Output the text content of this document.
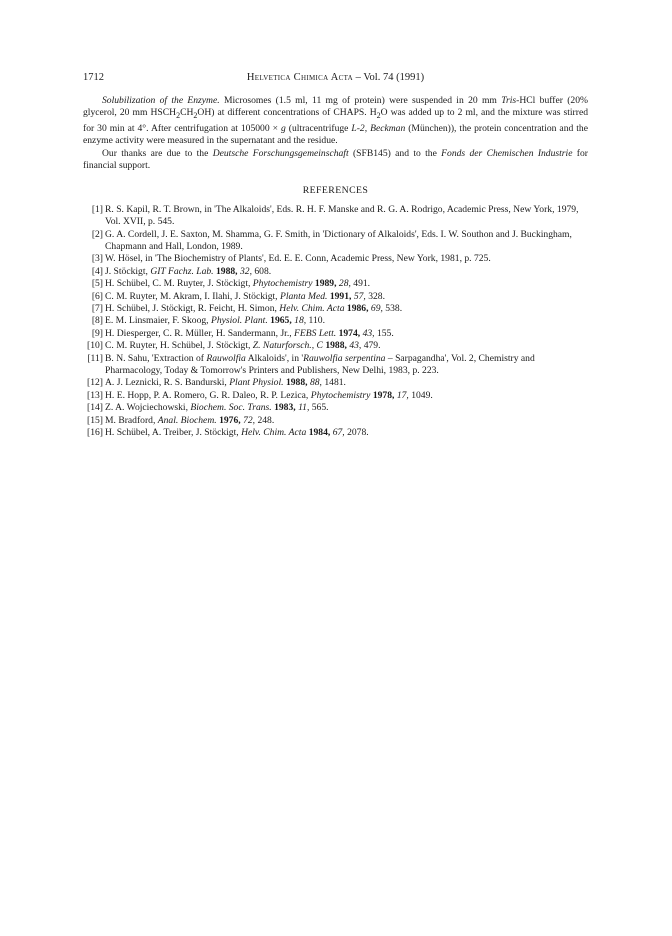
1712	Helvetica Chimica Acta – Vol. 74 (1991)

Solubilization of the Enzyme. Microsomes (1.5 ml, 11 mg of protein) were suspended in 20 mm Tris-HCl buffer (20% glycerol, 20 mm $HSCH_2CH_2OH$) at different concentrations of CHAPS. $H_2O$ was added up to 2 ml, and the mixture was stirred for 30 min at 4°. After centrifugation at 105000 × g (ultracentrifuge L-2, Beckman (München)), the protein concentration and the enzyme activity were measured in the supernatant and the residue.

Our thanks are due to the Deutsche Forschungsgemeinschaft (SFB145) and to the Fonds der Chemischen Industrie for financial support.

REFERENCES
[1] R. S. Kapil, R. T. Brown, in 'The Alkaloids', Eds. R. H. F. Manske and R. G. A. Rodrigo, Academic Press, New York, 1979, Vol. XVII, p. 545.
[2] G. A. Cordell, J. E. Saxton, M. Shamma, G. F. Smith, in 'Dictionary of Alkaloids', Eds. I. W. Southon and J. Buckingham, Chapmann and Hall, London, 1989.
[3] W. Hösel, in 'The Biochemistry of Plants', Ed. E. E. Conn, Academic Press, New York, 1981, p. 725.
[4] J. Stöckigt, GIT Fachz. Lab. 1988, 32, 608.
[5] H. Schübel, C. M. Ruyter, J. Stöckigt, Phytochemistry 1989, 28, 491.
[6] C. M. Ruyter, M. Akram, I. Ilahi, J. Stöckigt, Planta Med. 1991, 57, 328.
[7] H. Schübel, J. Stöckigt, R. Feicht, H. Simon, Helv. Chim. Acta 1986, 69, 538.
[8] E. M. Linsmaier, F. Skoog, Physiol. Plant. 1965, 18, 110.
[9] H. Diesperger, C. R. Müller, H. Sandermann, Jr., FEBS Lett. 1974, 43, 155.
[10] C. M. Ruyter, H. Schübel, J. Stöckigt, Z. Naturforsch., C 1988, 43, 479.
[11] B. N. Sahu, 'Extraction of Rauwolfia Alkaloids', in 'Rauwolfia serpentina – Sarpagandha', Vol. 2, Chemistry and Pharmacology, Today & Tomorrow's Printers and Publishers, New Delhi, 1983, p. 223.
[12] A. J. Leznicki, R. S. Bandurski, Plant Physiol. 1988, 88, 1481.
[13] H. E. Hopp, P. A. Romero, G. R. Daleo, R. P. Lezica, Phytochemistry 1978, 17, 1049.
[14] Z. A. Wojciechowski, Biochem. Soc. Trans. 1983, 11, 565.
[15] M. Bradford, Anal. Biochem. 1976, 72, 248.
[16] H. Schübel, A. Treiber, J. Stöckigt, Helv. Chim. Acta 1984, 67, 2078.
